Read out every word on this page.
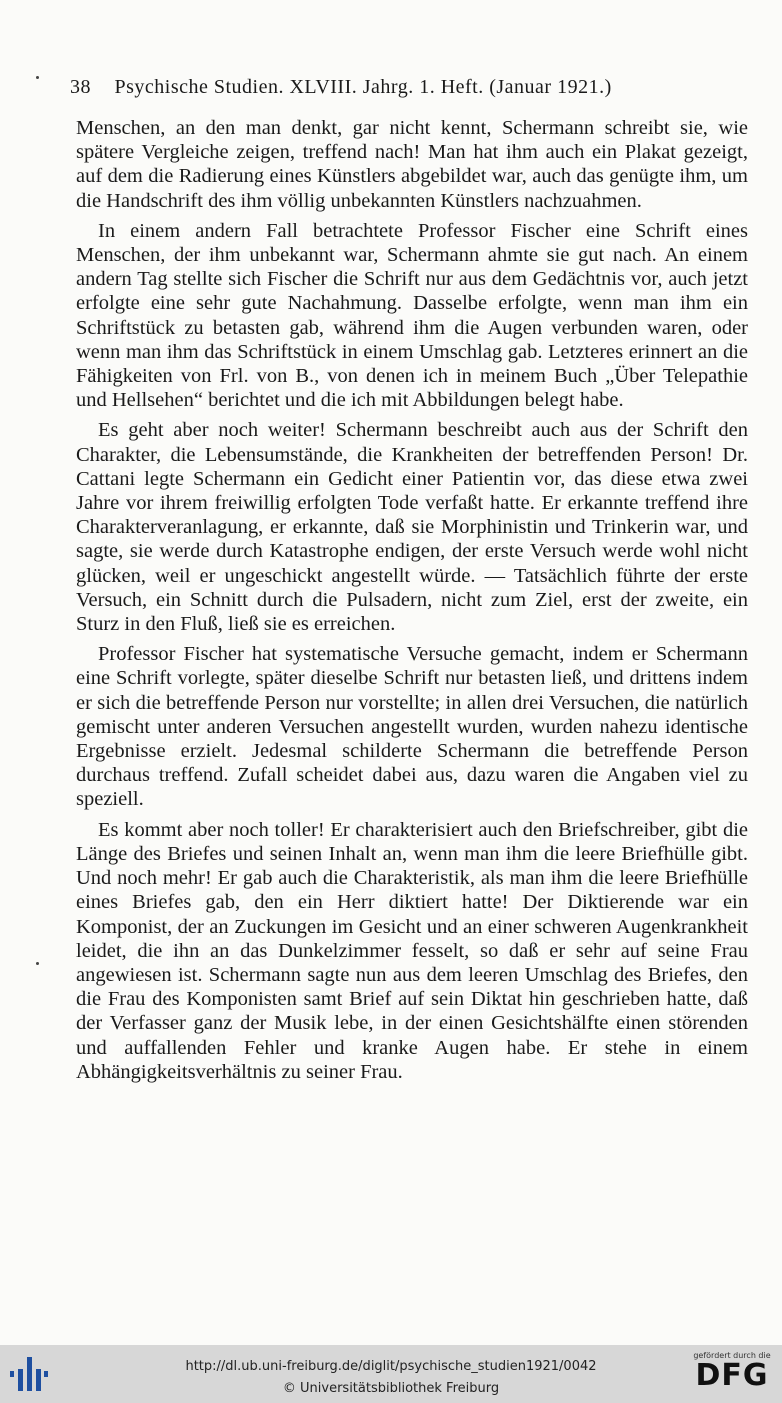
38 Psychische Studien. XLVIII. Jahrg. 1. Heft. (Januar 1921.)

Menschen, an den man denkt, gar nicht kennt, Schermann schreibt sie, wie spätere Vergleiche zeigen, treffend nach! Man hat ihm auch ein Plakat gezeigt, auf dem die Radierung eines Künstlers abgebildet war, auch das genügte ihm, um die Handschrift des ihm völlig unbekannten Künstlers nachzuahmen.

In einem andern Fall betrachtete Professor Fischer eine Schrift eines Menschen, der ihm unbekannt war, Schermann ahmte sie gut nach. An einem andern Tag stellte sich Fischer die Schrift nur aus dem Gedächtnis vor, auch jetzt erfolgte eine sehr gute Nachahmung. Dasselbe erfolgte, wenn man ihm ein Schriftstück zu betasten gab, während ihm die Augen verbunden waren, oder wenn man ihm das Schriftstück in einem Umschlag gab. Letzteres erinnert an die Fähigkeiten von Frl. von B., von denen ich in meinem Buch „Über Telepathie und Hellsehen“ berichtet und die ich mit Abbildungen belegt habe.

Es geht aber noch weiter! Schermann beschreibt auch aus der Schrift den Charakter, die Lebensumstände, die Krankheiten der betreffenden Person! Dr. Cattani legte Schermann ein Gedicht einer Patientin vor, das diese etwa zwei Jahre vor ihrem freiwillig erfolgten Tode verfaßt hatte. Er erkannte treffend ihre Charakterveranlagung, er erkannte, daß sie Morphinistin und Trinkerin war, und sagte, sie werde durch Katastrophe endigen, der erste Versuch werde wohl nicht glücken, weil er ungeschickt angestellt würde. — Tatsächlich führte der erste Versuch, ein Schnitt durch die Pulsadern, nicht zum Ziel, erst der zweite, ein Sturz in den Fluß, ließ sie es erreichen.

Professor Fischer hat systematische Versuche gemacht, indem er Schermann eine Schrift vorlegte, später dieselbe Schrift nur betasten ließ, und drittens indem er sich die betreffende Person nur vorstellte; in allen drei Versuchen, die natürlich gemischt unter anderen Versuchen angestellt wurden, wurden nahezu identische Ergebnisse erzielt. Jedesmal schilderte Schermann die betreffende Person durchaus treffend. Zufall scheidet dabei aus, dazu waren die Angaben viel zu speziell.

Es kommt aber noch toller! Er charakterisiert auch den Briefschreiber, gibt die Länge des Briefes und seinen Inhalt an, wenn man ihm die leere Briefhülle gibt. Und noch mehr! Er gab auch die Charakteristik, als man ihm die leere Briefhülle eines Briefes gab, den ein Herr diktiert hatte! Der Diktierende war ein Komponist, der an Zuckungen im Gesicht und an einer schweren Augenkrankheit leidet, die ihn an das Dunkelzimmer fesselt, so daß er sehr auf seine Frau angewiesen ist. Schermann sagte nun aus dem leeren Umschlag des Briefes, den die Frau des Komponisten samt Brief auf sein Diktat hin geschrieben hatte, daß der Verfasser ganz der Musik lebe, in der einen Gesichtshälfte einen störenden und auffallenden Fehler und kranke Augen habe. Er stehe in einem Abhängigkeitsverhältnis zu seiner Frau.

http://dl.ub.uni-freiburg.de/diglit/psychische_studien1921/0042
© Universitätsbibliothek Freiburg
gefördert durch die
DFG
